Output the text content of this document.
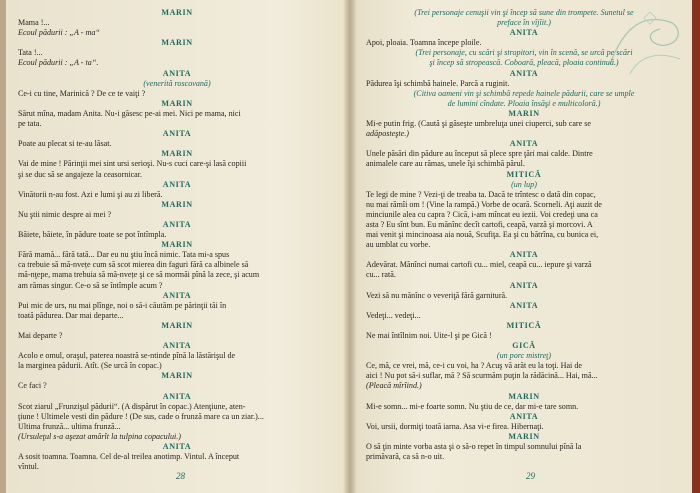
MARIN
Mama !...
Ecoul pădurii : „A - ma“
MARIN
Tata !...
Ecoul pădurii : „A - ta“.
ANITA
(venerită roscovană)
Ce-i cu tine, Marinică ? De ce te vaiţi ?
MARIN
Sărut mîna, madam Anita. Nu-i găsesc pe-ai mei. Nici pe mama, nici
pe tata.
ANITA
Poate au plecat si te-au lăsat.
MARIN
Vai de mine ! Părinţii mei sint ursi serioşi. Nu-s cuci care-şi lasă copiii
şi se duc să se angajeze la ceasornicar.
ANITA
Vinătorii n-au fost. Azi e lumi şi au zi liberă.
MARIN
Nu ştii nimic despre ai mei ?
ANITA
Băiete, băiete, în pădure toate se pot întîmpla.
MARIN
Fără mamă... fără tată... Dar eu nu ştiu încă nimic. Tata mi-a spus
ca trebuie să mă-nvețe cum să scot mierea din faguri fără ca albinele să
mă-nţepe, mama trebuia să mă-nvețe şi ce să mormăi pînă la zece, şi acum
am rămas singur. Ce-o să se întîmple acum ?
ANITA
Pui mic de urs, nu mai plînge, noi o să-i căutăm pe părinţii tăi în
toată pădurea. Dar mai departe...
MARIN
Mai departe ?
ANITA
Acolo e omul, oraşul, paterea noastră se-ntinde pînă la lăstărişul de
la marginea pădurii. Atît. (Se urcă în copac.)
MARIN
Ce faci ?
ANITA
Scot ziarul „Frunzişul pădurii“. (A dispărut în copac.) Atenţiune, aten-
ţiune ! Ultimele vesti din pădure ! (De sus, cade o frunză mare ca un ziar.)...
Ultima frunză... ultima frunză...
(Ursuleţul s-a aşezat amărît la tulpina copacului.)
ANITA
A sosit toamna. Toamna. Cel de-al treilea anotimp. Vintul. A început
vîntul.
(Trei personaje cenuşii vin şi încep să sune din trompete. Sunetul se
preface în vîjîit.)
ANITA
Apoi, ploaia. Toamna începe ploile.
(Trei personaje, cu scări şi stropitori, vin în scenă, se urcă pe scări
şi încep să stropească. Coboară, pleacă, ploaia continuă.)
ANITA
Pădurea îşi schimbă hainele. Parcă a ruginit.
(Citiva oameni vin şi schimbă repede hainele pădurii, care se umple
de lumini cîndate. Ploaia însăşi e multicoloră.)
MARIN
Mi-e putin frig. (Caută şi găseşte umbreluţa unei ciuperci, sub care se
adăposteşte.)
ANITA
Unele păsări din pădure au început să plece spre ţări mai calde. Dintre
animalele care au rămas, unele îşi schimbă părul.
MITICĂ
(un lup)
Te legi de mine ? Vezi-ţi de treaba ta. Dacă te trîntesc o dată din copac,
nu mai rămîi om ! (Vine la rampă.) Vorbe de ocară. Scorneli. Aţi auzit de
minciunile alea cu capra ? Cică, i-am mîncat eu iezii. Voi credeţi una ca
asta ? Eu sînt bun. Eu mănînc decît cartofi, ceapă, varză şi morcovi. A
mai venit şi mincinoasa aia nouă, Scufiţa. Ea şi cu bătrîna, cu bunica ei,
au umblat cu vorbe.
ANITA
Adevărat. Mănînci numai cartofi cu... miel, ceapă cu... iepure şi varză
cu... rată.
ANITA
Vezi să nu mănînc o veveriţă fără garnitură.
ANITA
Vedeţi... vedeţi...
MITICĂ
Ne mai întîlnim noi. Uite-l şi pe Gică !
GICĂ
(un porc mistreţ)
Ce, mă, ce vrei, mă, ce-i cu voi, ha ? Acuş vă arăt eu la toţi. Hai de
aici ! Nu pot să-i suflar, mă ? Să scurmăm puţin la rădăcină... Hai, mă...
(Pleacă mîrîind.)
MARIN
Mi-e somn... mi-e foarte somn. Nu ştiu de ce, dar mi-e tare somn.
ANITA
Voi, ursii, dormiţi toată iarna. Asa vi-e firea. Hibernaţi.
MARIN
O să ţin minte vorba asta şi o să-o repet în timpul somnului pînă la
primăvară, ca să n-o uit.
28	29
